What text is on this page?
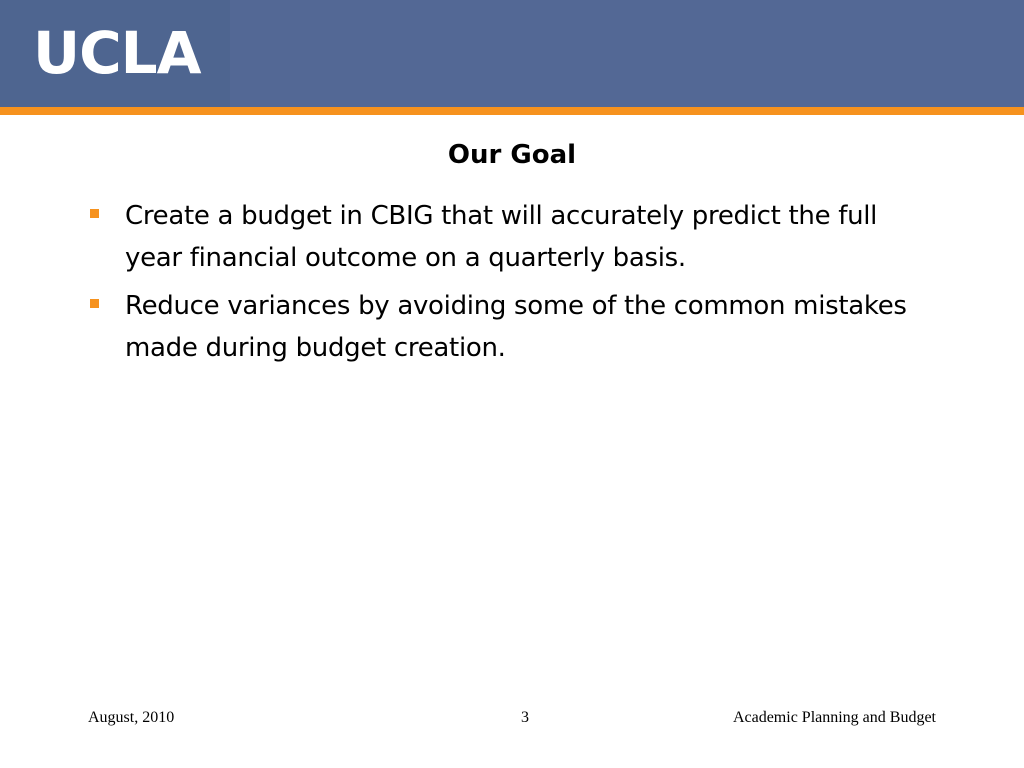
UCLA
Our Goal
Create a budget in CBIG that will accurately predict the full year financial outcome on a quarterly basis.
Reduce variances by avoiding some of the common mistakes made during budget creation.
August, 2010	3	Academic Planning and Budget
